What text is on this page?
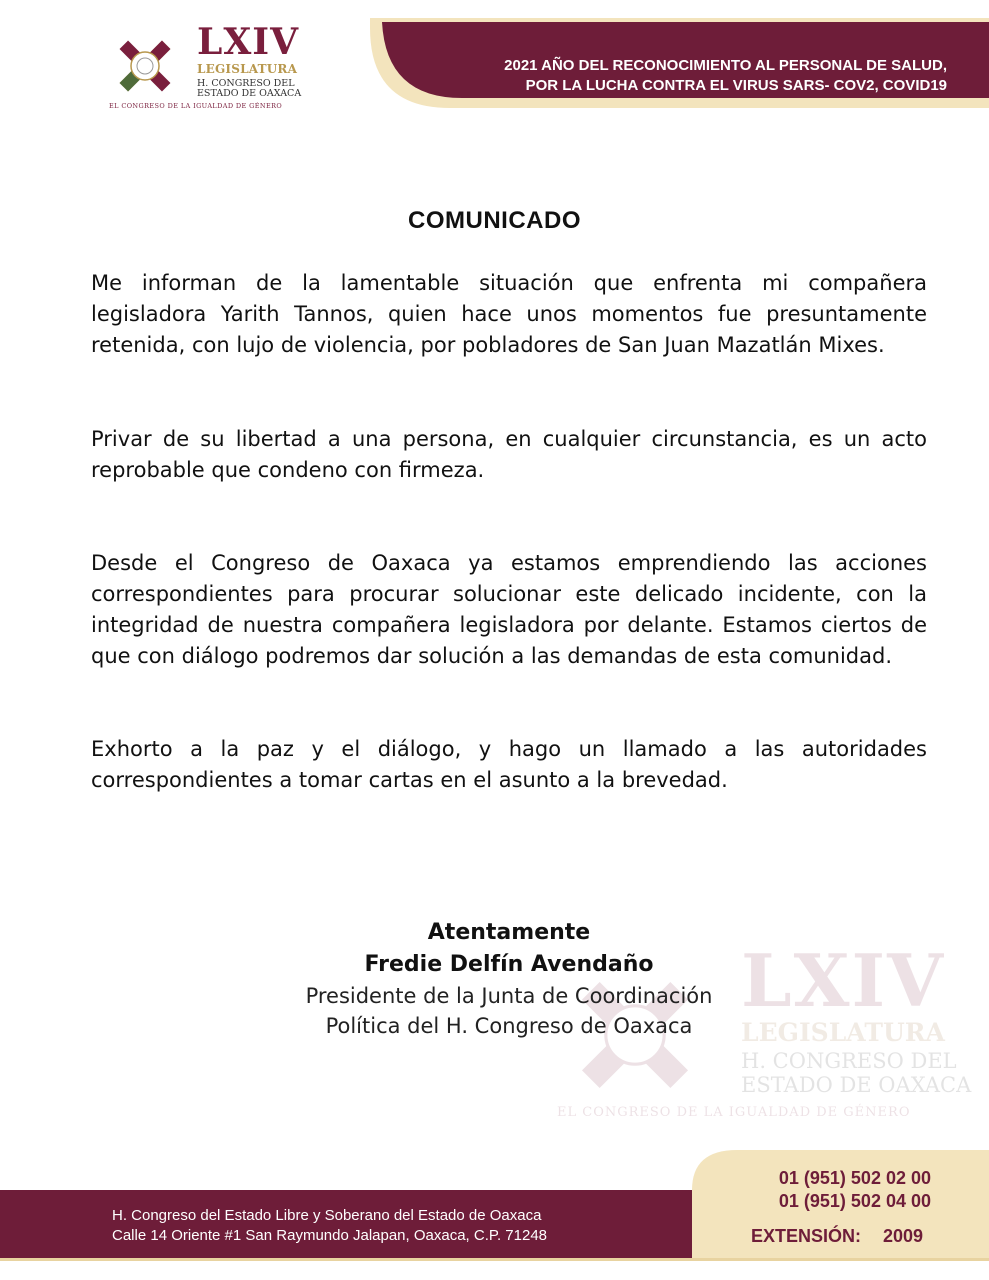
LXIV
LEGISLATURA
H. CONGRESO DEL
ESTADO DE OAXACA
EL CONGRESO DE LA IGUALDAD DE GÉNERO
2021 AÑO DEL RECONOCIMIENTO AL PERSONAL DE SALUD,
POR LA LUCHA CONTRA EL VIRUS SARS- COV2, COVID19
LXIV
LEGISLATURA
H. CONGRESO DEL
ESTADO DE OAXACA
EL CONGRESO DE LA IGUALDAD DE GÉNERO
COMUNICADO

Me informan de la lamentable situación que enfrenta mi compañera legisladora Yarith Tannos, quien hace unos momentos fue presuntamente retenida, con lujo de violencia, por pobladores de San Juan Mazatlán Mixes.

Privar de su libertad a una persona, en cualquier circunstancia, es un acto reprobable que condeno con firmeza.

Desde el Congreso de Oaxaca ya estamos emprendiendo las acciones correspondientes para procurar solucionar este delicado incidente, con la integridad de nuestra compañera legisladora por delante. Estamos ciertos de que con diálogo podremos dar solución a las demandas de esta comunidad.

Exhorto a la paz y el diálogo, y hago un llamado a las autoridades correspondientes a tomar cartas en el asunto a la brevedad.

Atentamente
Fredie Delfín Avendaño
Presidente de la Junta de Coordinación
Política del H. Congreso de Oaxaca
H. Congreso del Estado Libre y Soberano del Estado de Oaxaca
Calle 14 Oriente #1 San Raymundo Jalapan, Oaxaca, C.P. 71248
01 (951) 502 02 00
01 (951) 502 04 00
EXTENSIÓN: 2009
